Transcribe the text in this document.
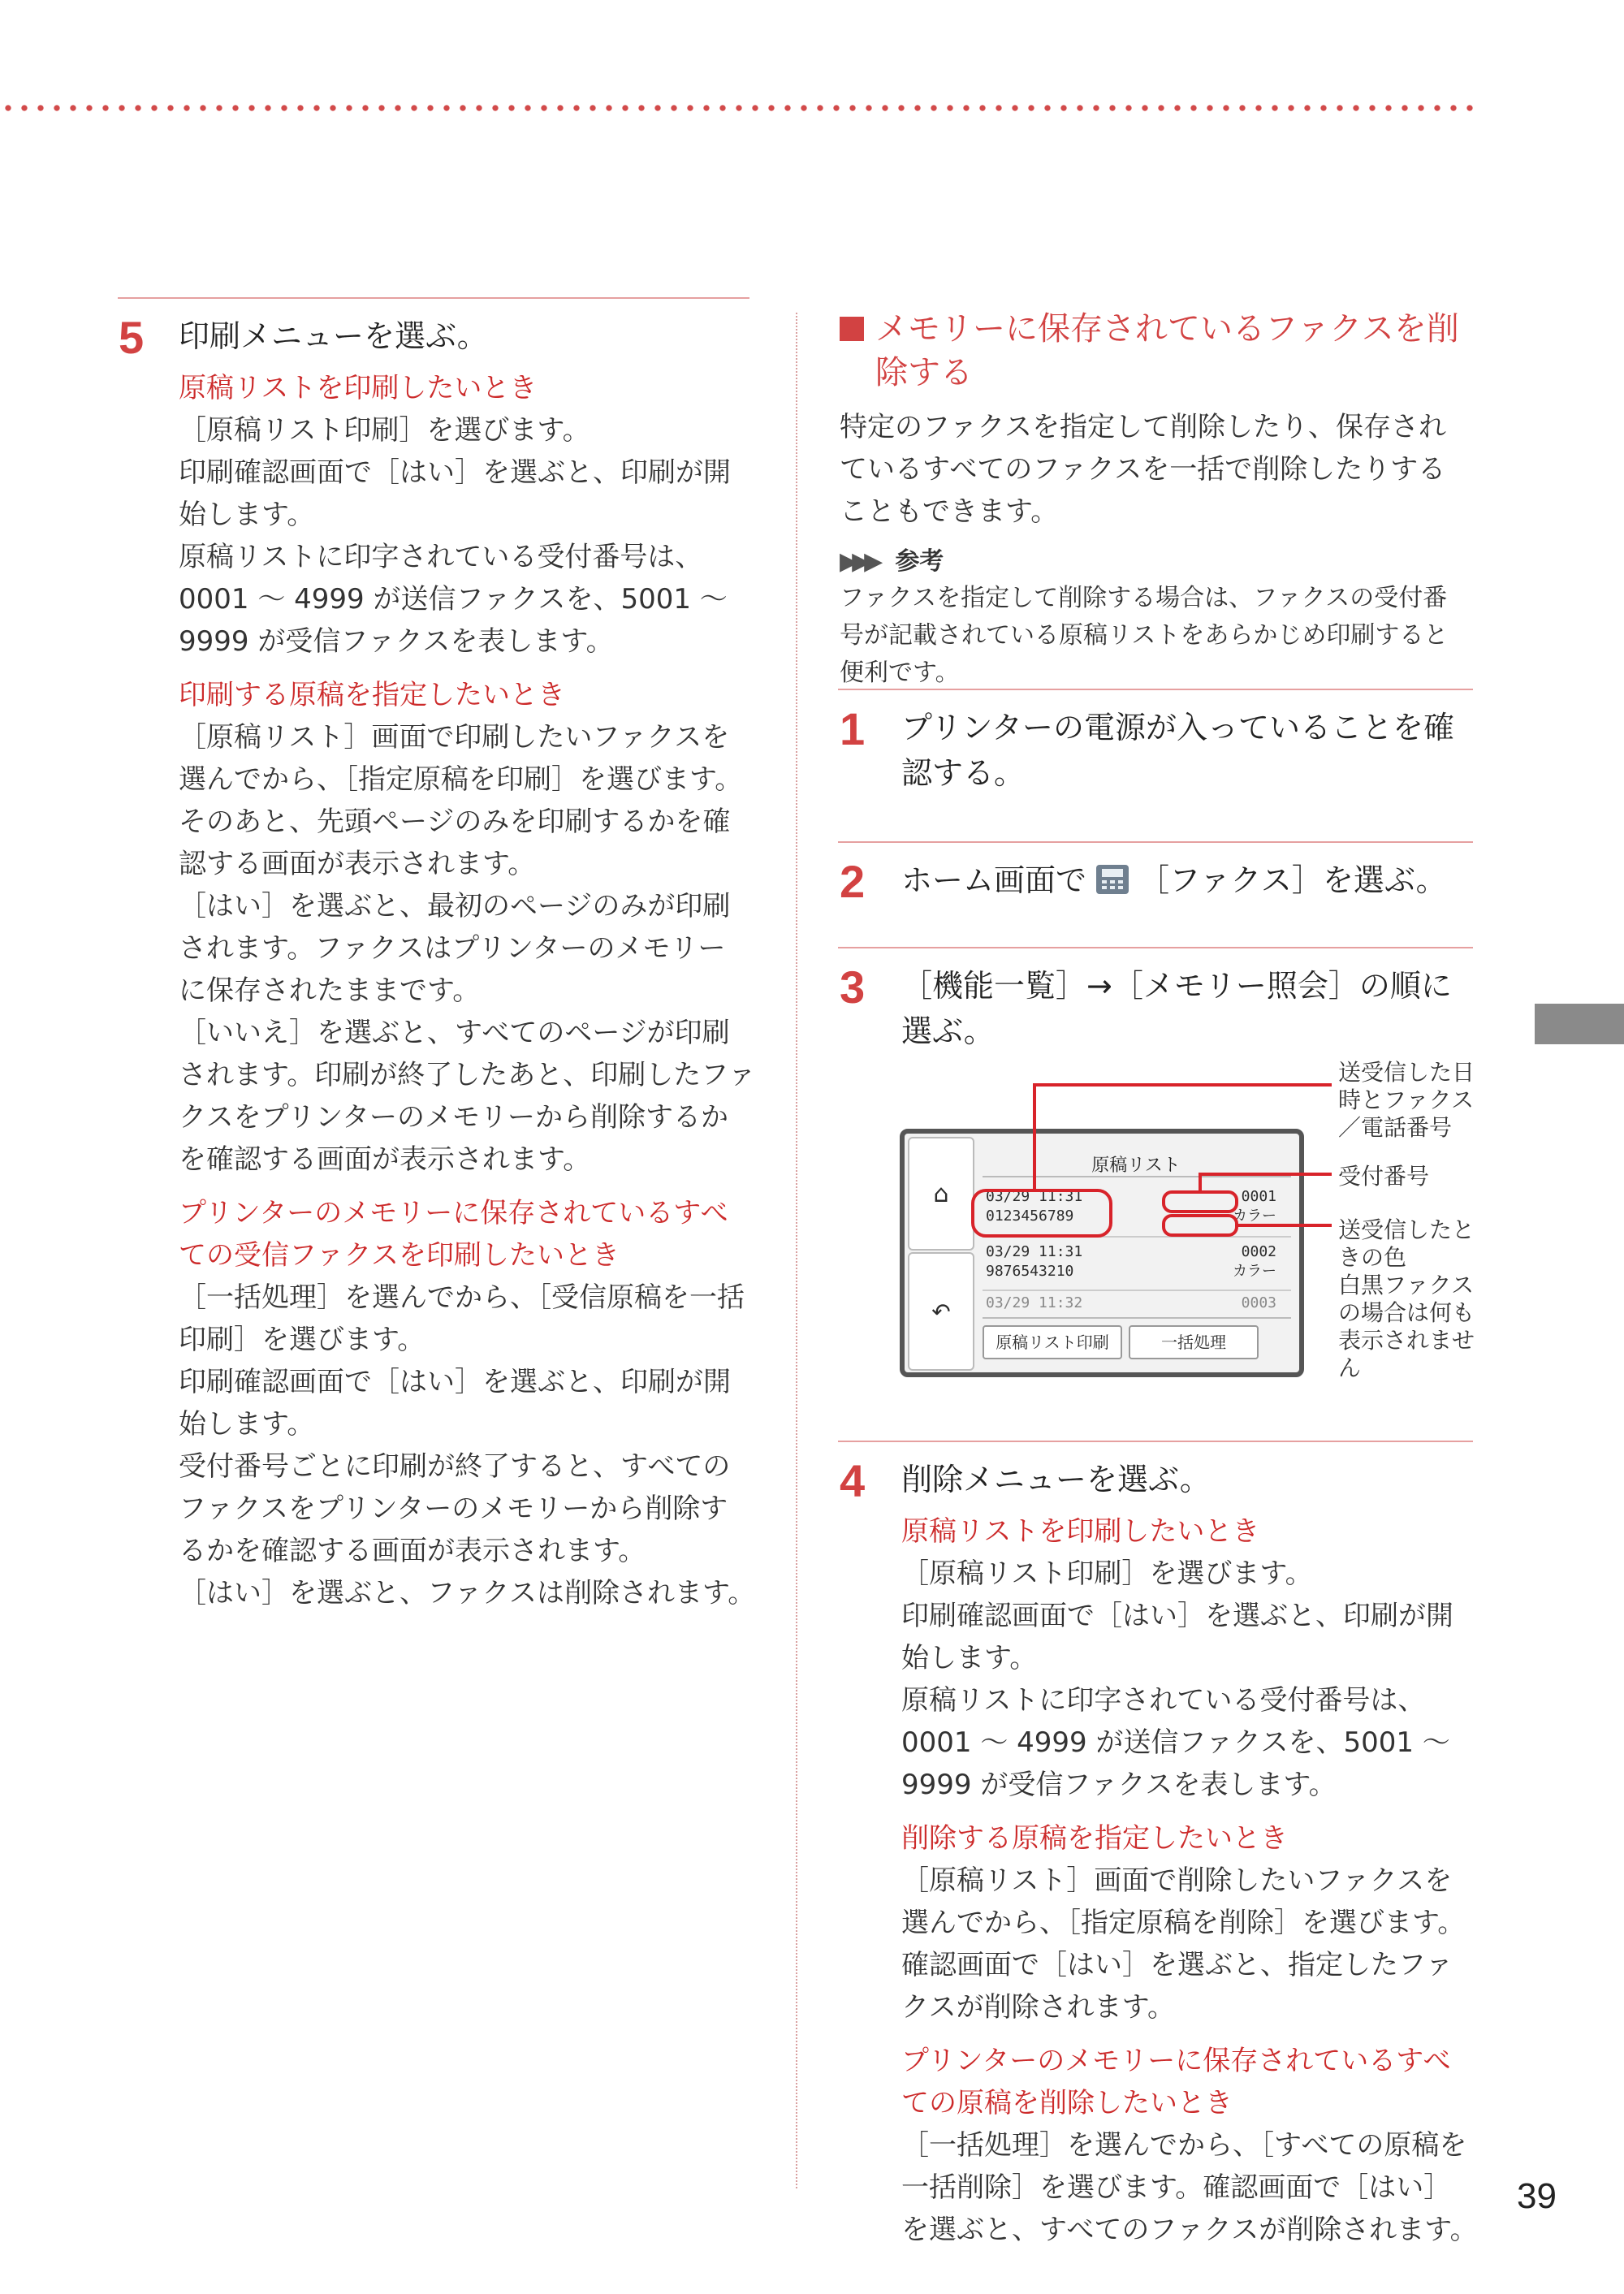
5 印刷メニューを選ぶ。

原稿リストを印刷したいとき

［原稿リスト印刷］を選びます。
印刷確認画面で［はい］を選ぶと、印刷が開
始します。
原稿リストに印字されている受付番号は、
0001 〜 4999 が送信ファクスを、5001 〜
9999 が受信ファクスを表します。

印刷する原稿を指定したいとき

［原稿リスト］画面で印刷したいファクスを
選んでから、［指定原稿を印刷］を選びます。
そのあと、先頭ページのみを印刷するかを確
認する画面が表示されます。
［はい］を選ぶと、最初のページのみが印刷
されます。ファクスはプリンターのメモリー
に保存されたままです。
［いいえ］を選ぶと、すべてのページが印刷
されます。印刷が終了したあと、印刷したファ
クスをプリンターのメモリーから削除するか
を確認する画面が表示されます。

プリンターのメモリーに保存されているすべ
ての受信ファクスを印刷したいとき

［一括処理］を選んでから、［受信原稿を一括
印刷］を選びます。
印刷確認画面で［はい］を選ぶと、印刷が開
始します。
受付番号ごとに印刷が終了すると、すべての
ファクスをプリンターのメモリーから削除す
るかを確認する画面が表示されます。
［はい］を選ぶと、ファクスは削除されます。

メモリーに保存されているファクスを削
除する

特定のファクスを指定して削除したり、保存され
ているすべてのファクスを一括で削除したりする
こともできます。

▶▶▶ 参考

ファクスを指定して削除する場合は、ファクスの受付番
号が記載されている原稿リストをあらかじめ印刷すると
便利です。

1 プリンターの電源が入っていることを確
認する。
2 ホーム画面で ［ファクス］を選ぶ。
3 ［機能一覧］→［メモリー照会］の順に
選ぶ。
⌂
↶
原稿リスト
03/29 11:31
0123456789
0001
カラー
03/29 11:31
9876543210
0002
カラー
03/29 11:32	0003
原稿リスト印刷	一括処理
送受信した日
時とファクス
／電話番号
受付番号
送受信したと
きの色
白黒ファクス
の場合は何も
表示されませ
ん
4 削除メニューを選ぶ。

原稿リストを印刷したいとき

［原稿リスト印刷］を選びます。
印刷確認画面で［はい］を選ぶと、印刷が開
始します。
原稿リストに印字されている受付番号は、
0001 〜 4999 が送信ファクスを、5001 〜
9999 が受信ファクスを表します。

削除する原稿を指定したいとき

［原稿リスト］画面で削除したいファクスを
選んでから、［指定原稿を削除］を選びます。
確認画面で［はい］を選ぶと、指定したファ
クスが削除されます。

プリンターのメモリーに保存されているすべ
ての原稿を削除したいとき

［一括処理］を選んでから、［すべての原稿を
一括削除］を選びます。確認画面で［はい］
を選ぶと、すべてのファクスが削除されます。

39
